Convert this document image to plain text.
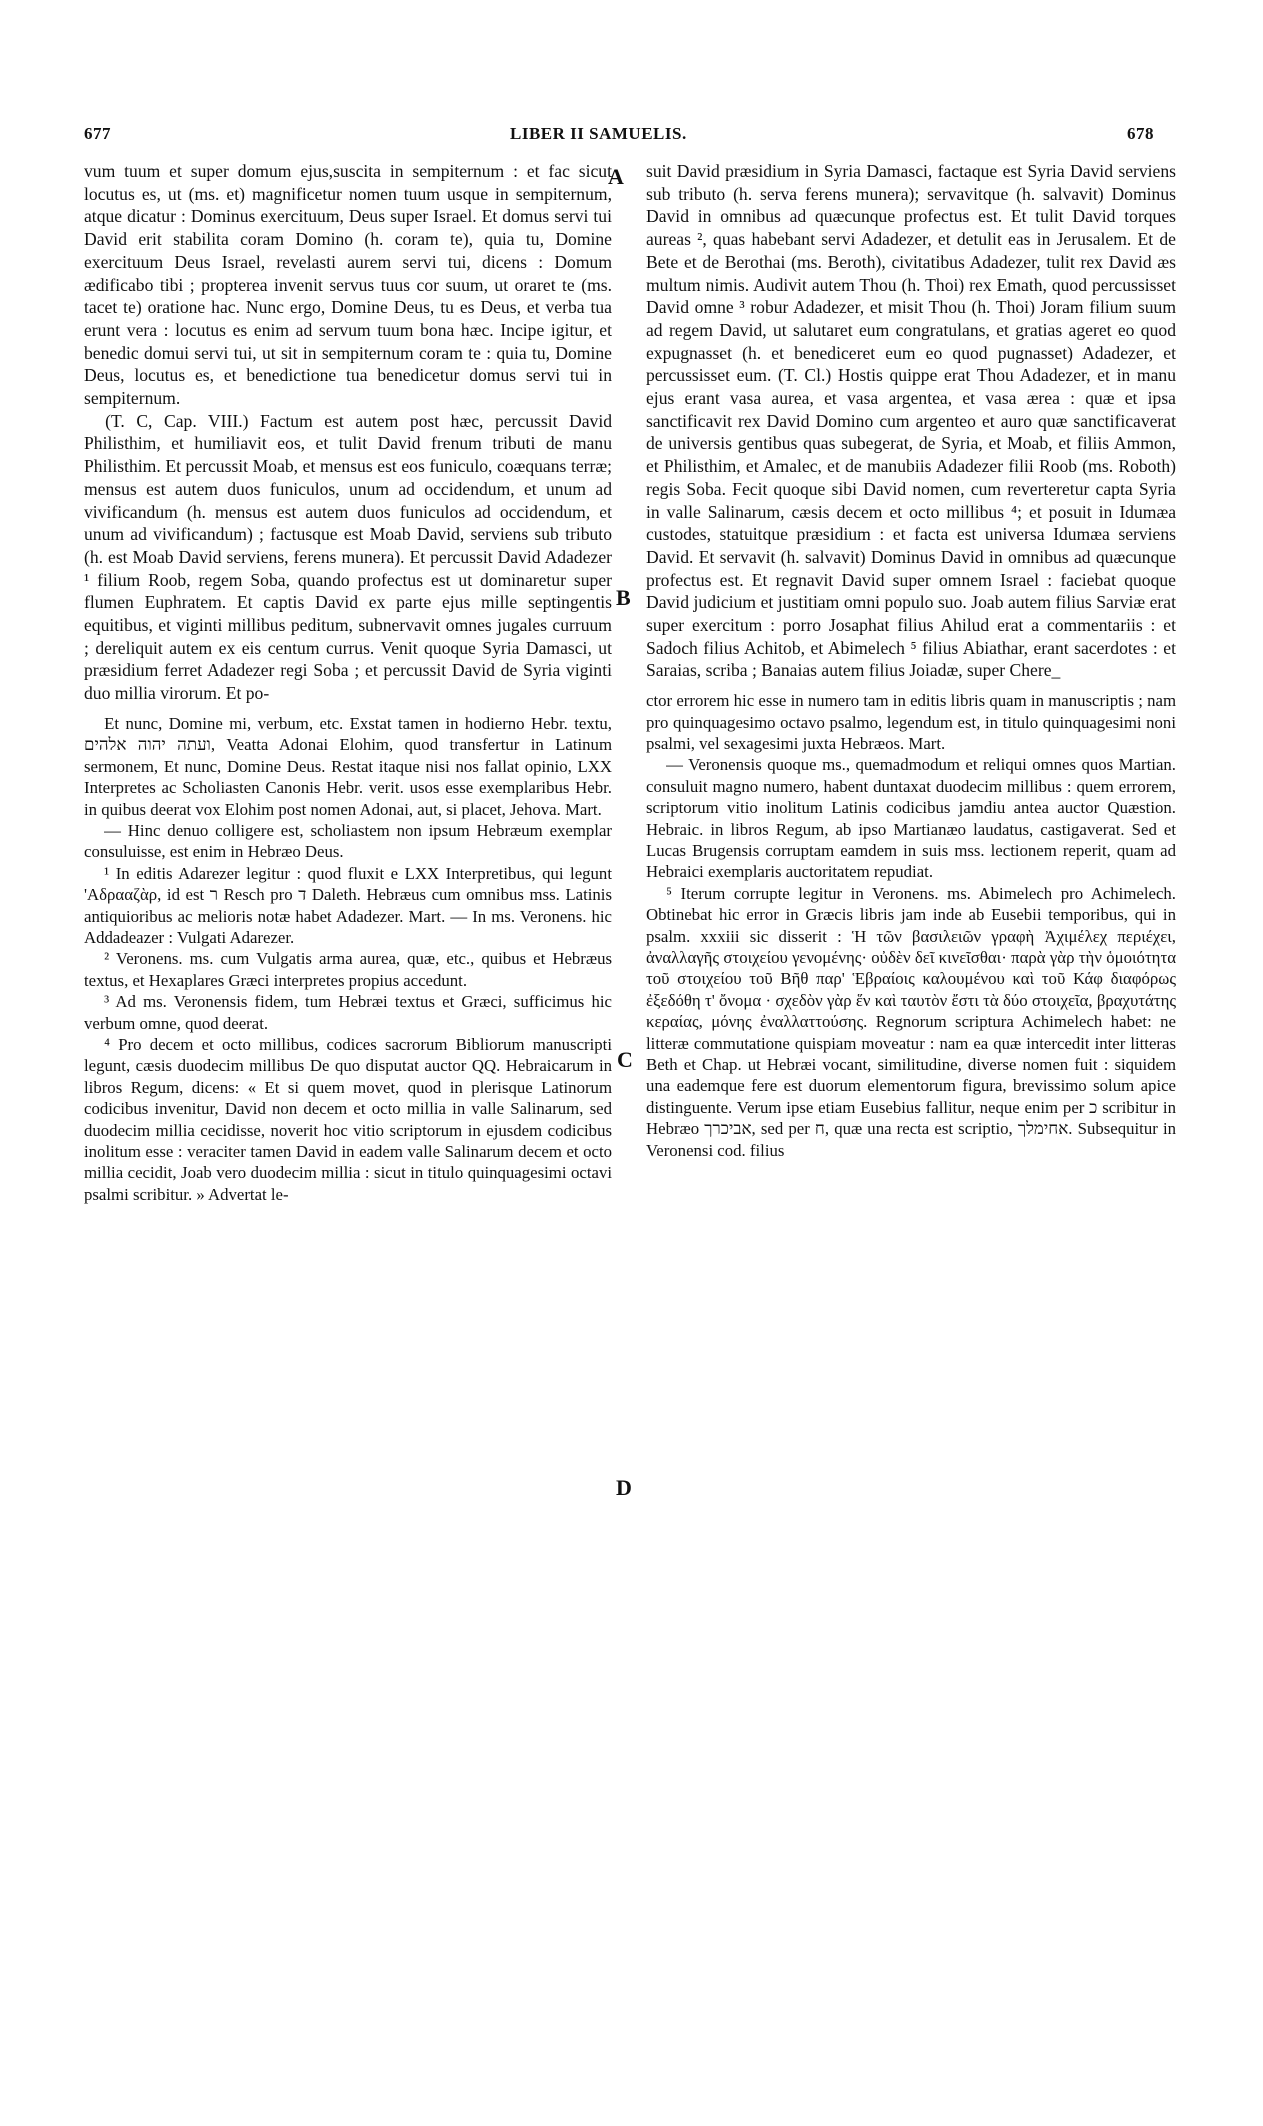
677	LIBER II SAMUELIS.	678
A
B
C
D

vum tuum et super domum ejus,suscita in sempiternum : et fac sicut locutus es, ut (ms. et) magnificetur nomen tuum usque in sempiternum, atque dicatur : Dominus exercituum, Deus super Israel. Et domus servi tui David erit stabilita coram Domino (h. coram te), quia tu, Domine exercituum Deus Israel, revelasti aurem servi tui, dicens : Domum ædificabo tibi ; propterea invenit servus tuus cor suum, ut oraret te (ms. tacet te) oratione hac. Nunc ergo, Domine Deus, tu es Deus, et verba tua erunt vera : locutus es enim ad servum tuum bona hæc. Incipe igitur, et benedic domui servi tui, ut sit in sempiternum coram te : quia tu, Domine Deus, locutus es, et benedictione tua benedicetur domus servi tui in sempiternum.

(T. C, Cap. VIII.) Factum est autem post hæc, percussit David Philisthim, et humiliavit eos, et tulit David frenum tributi de manu Philisthim. Et percussit Moab, et mensus est eos funiculo, coæquans terræ; mensus est autem duos funiculos, unum ad occidendum, et unum ad vivificandum (h. mensus est autem duos funiculos ad occidendum, et unum ad vivificandum) ; factusque est Moab David, serviens sub tributo (h. est Moab David serviens, ferens munera). Et percussit David Adadezer ¹ filium Roob, regem Soba, quando profectus est ut dominaretur super flumen Euphratem. Et captis David ex parte ejus mille septingentis equitibus, et viginti millibus peditum, subnervavit omnes jugales curruum ; dereliquit autem ex eis centum currus. Venit quoque Syria Damasci, ut præsidium ferret Adadezer regi Soba ; et percussit David de Syria viginti duo millia virorum. Et po-

Et nunc, Domine mi, verbum, etc. Exstat tamen in hodierno Hebr. textu, ועתה יהוה אלהים, Veatta Adonai Elohim, quod transfertur in Latinum sermonem, Et nunc, Domine Deus. Restat itaque nisi nos fallat opinio, LXX Interpretes ac Scholiasten Canonis Hebr. verit. usos esse exemplaribus Hebr. in quibus deerat vox Elohim post nomen Adonai, aut, si placet, Jehova. Mart.

— Hinc denuo colligere est, scholiastem non ipsum Hebræum exemplar consuluisse, est enim in Hebræo Deus.

¹ In editis Adarezer legitur : quod fluxit e LXX Interpretibus, qui legunt 'Αδρααζὰρ, id est ר Resch pro ד Daleth. Hebræus cum omnibus mss. Latinis antiquioribus ac melioris notæ habet Adadezer. Mart. — In ms. Veronens. hic Addadeazer : Vulgati Adarezer.

² Veronens. ms. cum Vulgatis arma aurea, quæ, etc., quibus et Hebræus textus, et Hexaplares Græci interpretes propius accedunt.

³ Ad ms. Veronensis fidem, tum Hebræi textus et Græci, sufficimus hic verbum omne, quod deerat.

⁴ Pro decem et octo millibus, codices sacrorum Bibliorum manuscripti legunt, cæsis duodecim millibus De quo disputat auctor QQ. Hebraicarum in libros Regum, dicens: « Et si quem movet, quod in plerisque Latinorum codicibus invenitur, David non decem et octo millia in valle Salinarum, sed duodecim millia cecidisse, noverit hoc vitio scriptorum in ejusdem codicibus inolitum esse : veraciter tamen David in eadem valle Salinarum decem et octo millia cecidit, Joab vero duodecim millia : sicut in titulo quinquagesimi octavi psalmi scribitur. » Advertat le-

suit David præsidium in Syria Damasci, factaque est Syria David serviens sub tributo (h. serva ferens munera); servavitque (h. salvavit) Dominus David in omnibus ad quæcunque profectus est. Et tulit David torques aureas ², quas habebant servi Adadezer, et detulit eas in Jerusalem. Et de Bete et de Berothai (ms. Beroth), civitatibus Adadezer, tulit rex David æs multum nimis. Audivit autem Thou (h. Thoi) rex Emath, quod percussisset David omne ³ robur Adadezer, et misit Thou (h. Thoi) Joram filium suum ad regem David, ut salutaret eum congratulans, et gratias ageret eo quod expugnasset (h. et benediceret eum eo quod pugnasset) Adadezer, et percussisset eum. (T. Cl.) Hostis quippe erat Thou Adadezer, et in manu ejus erant vasa aurea, et vasa argentea, et vasa ærea : quæ et ipsa sanctificavit rex David Domino cum argenteo et auro quæ sanctificaverat de universis gentibus quas subegerat, de Syria, et Moab, et filiis Ammon, et Philisthim, et Amalec, et de manubiis Adadezer filii Roob (ms. Roboth) regis Soba. Fecit quoque sibi David nomen, cum reverteretur capta Syria in valle Salinarum, cæsis decem et octo millibus ⁴; et posuit in Idumæa custodes, statuitque præsidium : et facta est universa Idumæa serviens David. Et servavit (h. salvavit) Dominus David in omnibus ad quæcunque profectus est. Et regnavit David super omnem Israel : faciebat quoque David judicium et justitiam omni populo suo. Joab autem filius Sarviæ erat super exercitum : porro Josaphat filius Ahilud erat a commentariis : et Sadoch filius Achitob, et Abimelech ⁵ filius Abiathar, erant sacerdotes : et Saraias, scriba ; Banaias autem filius Joiadæ, super Chere_

ctor errorem hic esse in numero tam in editis libris quam in manuscriptis ; nam pro quinquagesimo octavo psalmo, legendum est, in titulo quinquagesimi noni psalmi, vel sexagesimi juxta Hebræos. Mart.

— Veronensis quoque ms., quemadmodum et reliqui omnes quos Martian. consuluit magno numero, habent duntaxat duodecim millibus : quem errorem, scriptorum vitio inolitum Latinis codicibus jamdiu antea auctor Quæstion. Hebraic. in libros Regum, ab ipso Martianæo laudatus, castigaverat. Sed et Lucas Brugensis corruptam eamdem in suis mss. lectionem reperit, quam ad Hebraici exemplaris auctoritatem repudiat.

⁵ Iterum corrupte legitur in Veronens. ms. Abimelech pro Achimelech. Obtinebat hic error in Græcis libris jam inde ab Eusebii temporibus, qui in psalm. xxxiii sic disserit : Ἡ τῶν βασιλειῶν γραφὴ Ἀχιμέλεχ περιέχει, ἀναλλαγῆς στοιχείου γενομένης· οὐδὲν δεῖ κινεῖσθαι· παρὰ γὰρ τὴν ὁμοιότητα τοῦ στοιχείου τοῦ Βῆθ παρ' Ἑβραίοις καλουμένου καὶ τοῦ Κάφ διαφόρως ἐξεδόθη τ' ὄνομα · σχεδὸν γὰρ ἕν καὶ ταυτὸν ἔστι τὰ δύο στοιχεῖα, βραχυτάτης κεραίας, μόνης ἐναλλαττούσης. Regnorum scriptura Achimelech habet: ne litteræ commutatione quispiam moveatur : nam ea quæ intercedit inter litteras Beth et Chap. ut Hebræi vocant, similitudine, diverse nomen fuit : siquidem una eademque fere est duorum elementorum figura, brevissimo solum apice distinguente. Verum ipse etiam Eusebius fallitur, neque enim per כ scribitur in Hebræo אביכרך, sed per ח, quæ una recta est scriptio, אחימלך. Subsequitur in Veronensi cod. filius
